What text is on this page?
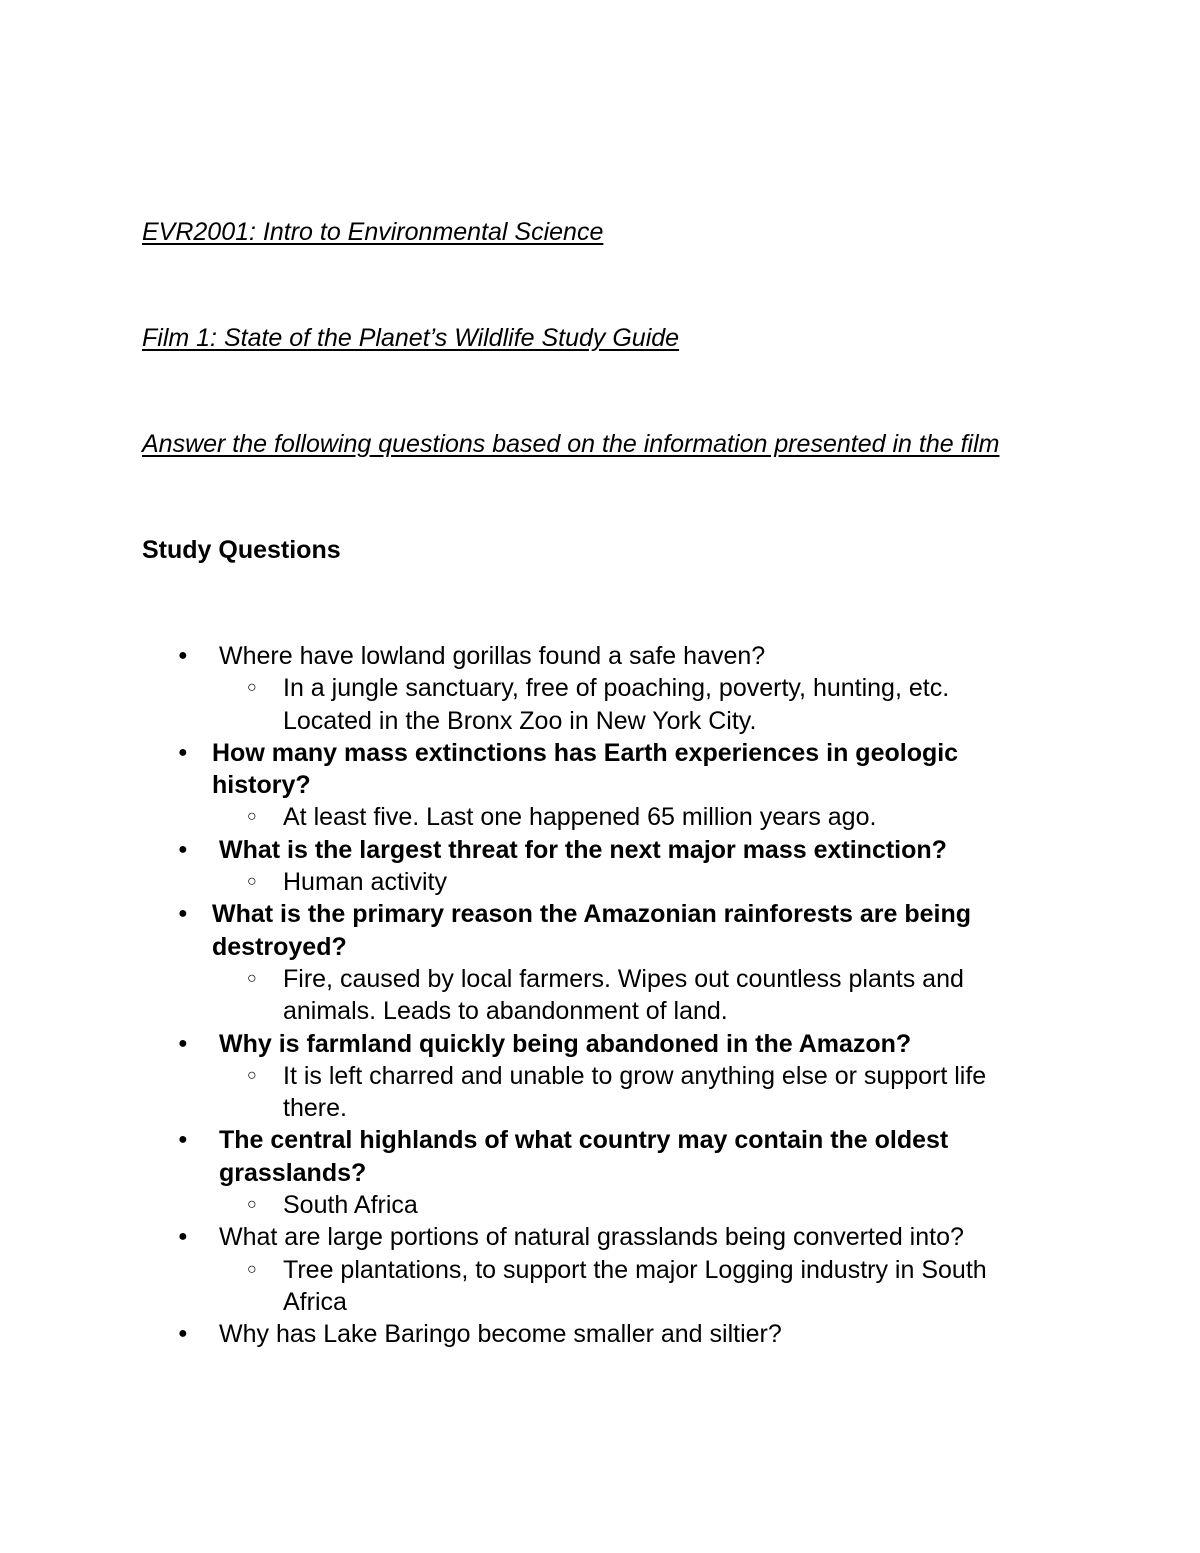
EVR2001: Intro to Environmental Science
Film 1: State of the Planet’s Wildlife Study Guide

Answer the following questions based on the information presented in the film

Study Questions
● Where have lowland gorillas found a safe haven?
○ In a jungle sanctuary, free of poaching, poverty, hunting, etc. Located in the Bronx Zoo in New York City.
● How many mass extinctions has Earth experiences in geologic history?
○ At least five. Last one happened 65 million years ago.
● What is the largest threat for the next major mass extinction?
○ Human activity
● What is the primary reason the Amazonian rainforests are being destroyed?
○ Fire, caused by local farmers. Wipes out countless plants and animals. Leads to abandonment of land.
● Why is farmland quickly being abandoned in the Amazon?
○ It is left charred and unable to grow anything else or support life there.
● The central highlands of what country may contain the oldest grasslands?
○ South Africa
● What are large portions of natural grasslands being converted into?
○ Tree plantations, to support the major Logging industry in South Africa
● Why has Lake Baringo become smaller and siltier?
